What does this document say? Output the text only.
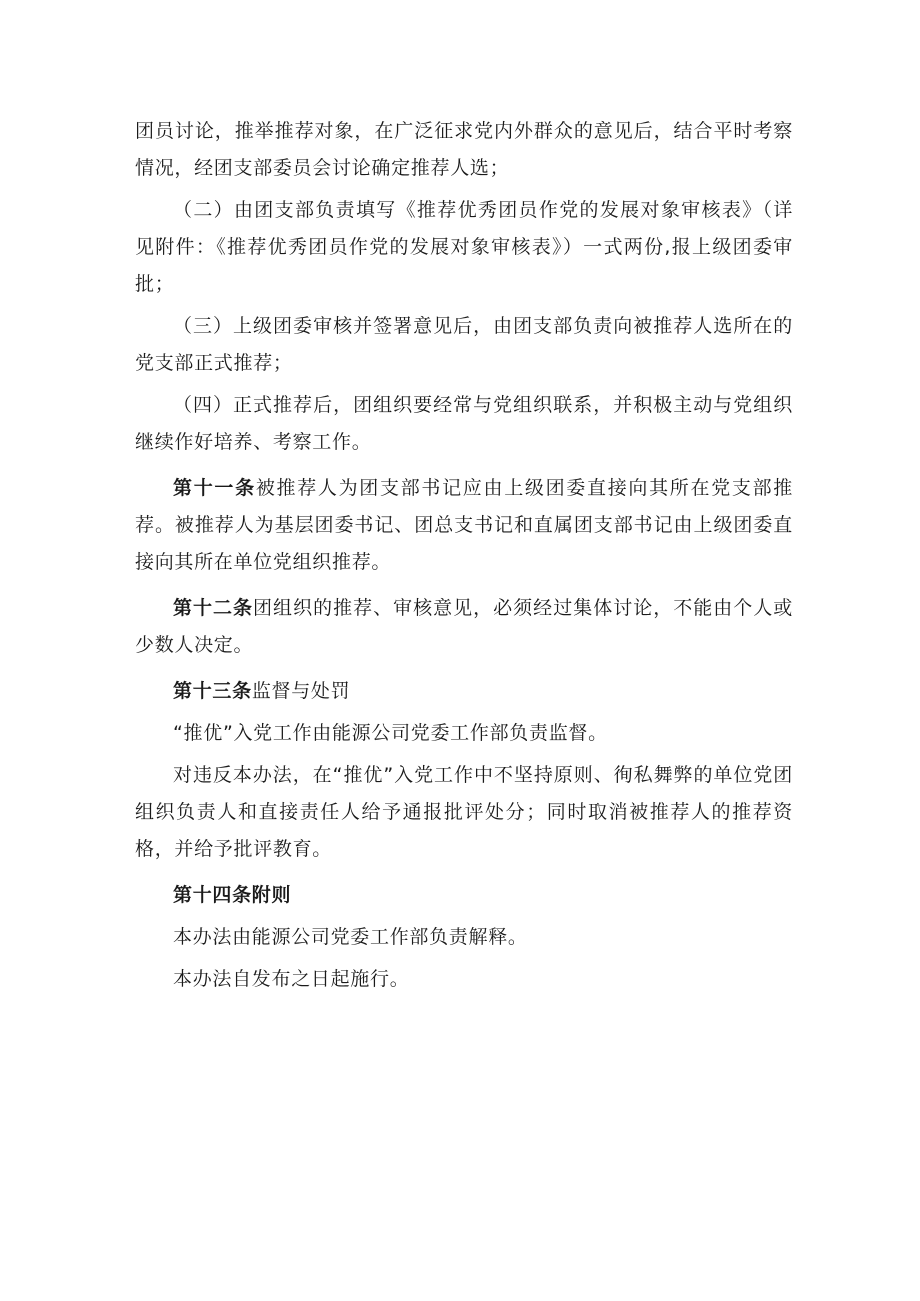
团员讨论，推举推荐对象，在广泛征求党内外群众的意见后，结合平时考察情况，经团支部委员会讨论确定推荐人选；

（二）由团支部负责填写《推荐优秀团员作党的发展对象审核表》（详见附件：《推荐优秀团员作党的发展对象审核表》）一式两份,报上级团委审批；

（三）上级团委审核并签署意见后，由团支部负责向被推荐人选所在的党支部正式推荐；

（四）正式推荐后，团组织要经常与党组织联系，并积极主动与党组织继续作好培养、考察工作。

第十一条被推荐人为团支部书记应由上级团委直接向其所在党支部推荐。被推荐人为基层团委书记、团总支书记和直属团支部书记由上级团委直接向其所在单位党组织推荐。

第十二条团组织的推荐、审核意见，必须经过集体讨论，不能由个人或少数人决定。

第十三条监督与处罚

“推优”入党工作由能源公司党委工作部负责监督。

对违反本办法，在“推优”入党工作中不坚持原则、徇私舞弊的单位党团组织负责人和直接责任人给予通报批评处分；同时取消被推荐人的推荐资格，并给予批评教育。

第十四条附则

本办法由能源公司党委工作部负责解释。

本办法自发布之日起施行。
